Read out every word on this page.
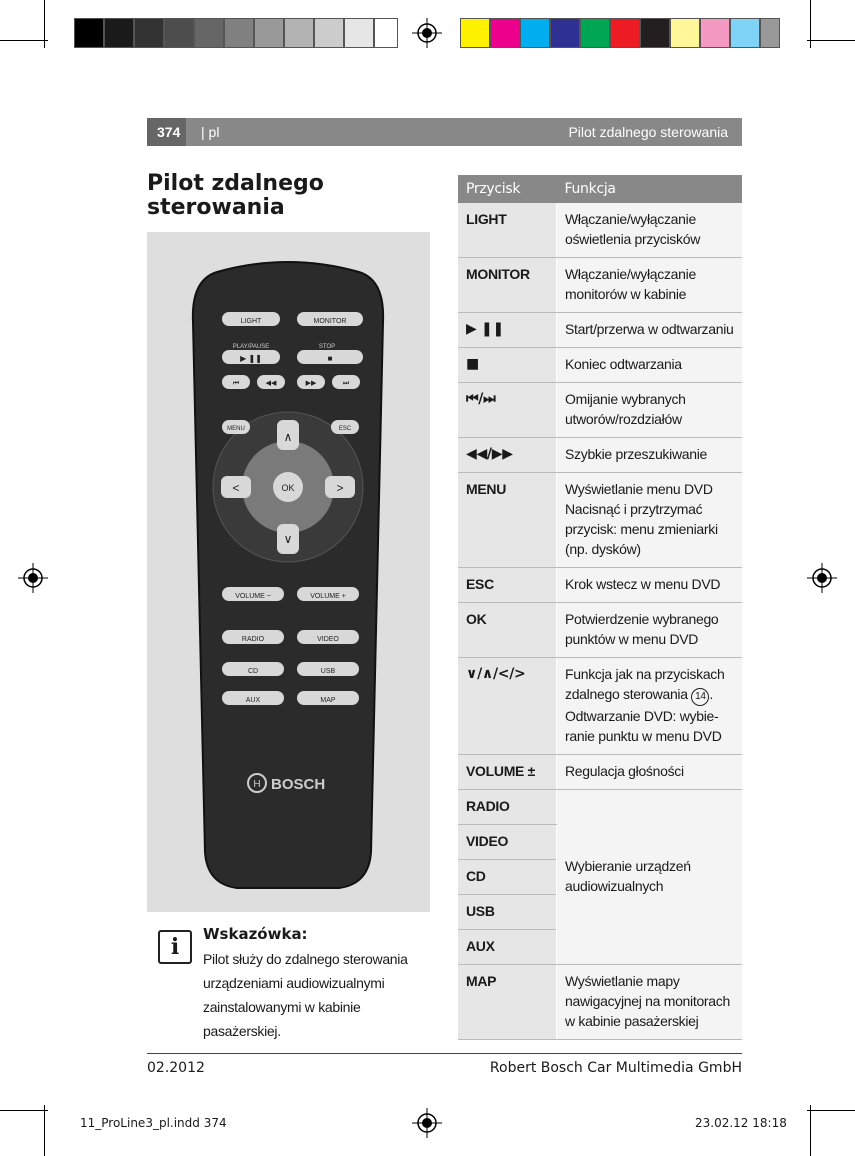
374	| pl	Pilot zdalnego sterowania
Pilot zdalnego sterowania
LIGHT	MONITOR
PLAY/PAUSE	STOP
▶ ❚❚	■
⏮	◀◀	▶▶	⏭
MENU	ESC
∧
∨
<	>
OK
VOLUME −	VOLUME +
RADIO	VIDEO
CD	USB
AUX	MAP
H BOSCH
i	Wskazówka:
Pilot służy do zdalnego sterowania urządzeniami audiowizualnymi zainstalowanymi w kabinie pasażerskiej.
Przycisk	Funkcja
LIGHT	Włączanie/wyłączanie oświetlenia przycisków
MONITOR	Włączanie/wyłączanie monitorów w kabinie
▶ ❚❚	Start/przerwa w odtwarzaniu
■	Koniec odtwarzania
⏮/⏭	Omijanie wybranych utworów/rozdziałów
◀◀/▶▶	Szybkie przeszukiwanie
MENU	Wyświetlanie menu DVD Nacisnąć i przytrzymać przycisk: menu zmieniarki (np. dysków)
ESC	Krok wstecz w menu DVD
OK	Potwierdzenie wybranego punktów w menu DVD
∨/∧/</>	Funkcja jak na przyciskach zdalnego sterowania 14 . Odtwarzanie DVD: wybie-ranie punktu w menu DVD
VOLUME ±	Regulacja głośności
RADIO	Wybieranie urządzeń audiowizualnych
VIDEO	
CD	
USB	
AUX	
MAP	Wyświetlanie mapy nawigacyjnej na monitorach w kabinie pasażerskiej
02.2012	Robert Bosch Car Multimedia GmbH
11_ProLine3_pl.indd 374	23.02.12 18:18
